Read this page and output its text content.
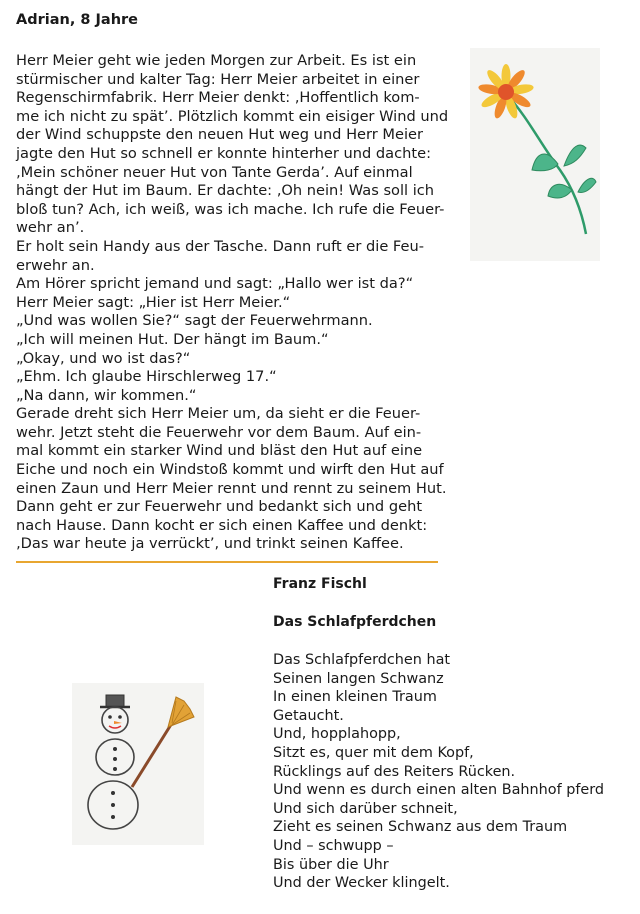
Adrian, 8 Jahre
Herr Meier geht wie jeden Morgen zur Arbeit. Es ist ein
stürmischer und kalter Tag: Herr Meier arbeitet in einer
Regenschirmfabrik. Herr Meier denkt: ‚Hoffentlich kom-
me ich nicht zu spät’. Plötzlich kommt ein eisiger Wind und
der Wind schuppste den neuen Hut weg und Herr Meier
jagte den Hut so schnell er konnte hinterher und dachte:
‚Mein schöner neuer Hut von Tante Gerda’. Auf einmal
hängt der Hut im Baum. Er dachte: ‚Oh nein! Was soll ich
bloß tun? Ach, ich weiß, was ich mache. Ich rufe die Feuer-
wehr an’.
Er holt sein Handy aus der Tasche. Dann ruft er die Feu-
erwehr an.
Am Hörer spricht jemand und sagt: „Hallo wer ist da?“
Herr Meier sagt: „Hier ist Herr Meier.“
„Und was wollen Sie?“ sagt der Feuerwehrmann.
„Ich will meinen Hut. Der hängt im Baum.“
„Okay, und wo ist das?“
„Ehm. Ich glaube Hirschlerweg 17.“
„Na dann, wir kommen.“
Gerade dreht sich Herr Meier um, da sieht er die Feuer-
wehr. Jetzt steht die Feuerwehr vor dem Baum. Auf ein-
mal kommt ein starker Wind und bläst den Hut auf eine
Eiche und noch ein Windstoß kommt und wirft den Hut auf
einen Zaun und Herr Meier rennt und rennt zu seinem Hut.
Dann geht er zur Feuerwehr und bedankt sich und geht
nach Hause. Dann kocht er sich einen Kaffee und denkt:
‚Das war heute ja verrückt’, und trinkt seinen Kaffee.
Franz Fischl
Das Schlafpferdchen
Das Schlafpferdchen hat
Seinen langen Schwanz
In einen kleinen Traum
Getaucht.
Und, hopplahopp,
Sitzt es, quer mit dem Kopf,
Rücklings auf des Reiters Rücken.
Und wenn es durch einen alten Bahnhof pferd
Und sich darüber schneit,
Zieht es seinen Schwanz aus dem Traum
Und – schwupp –
Bis über die Uhr
Und der Wecker klingelt.
